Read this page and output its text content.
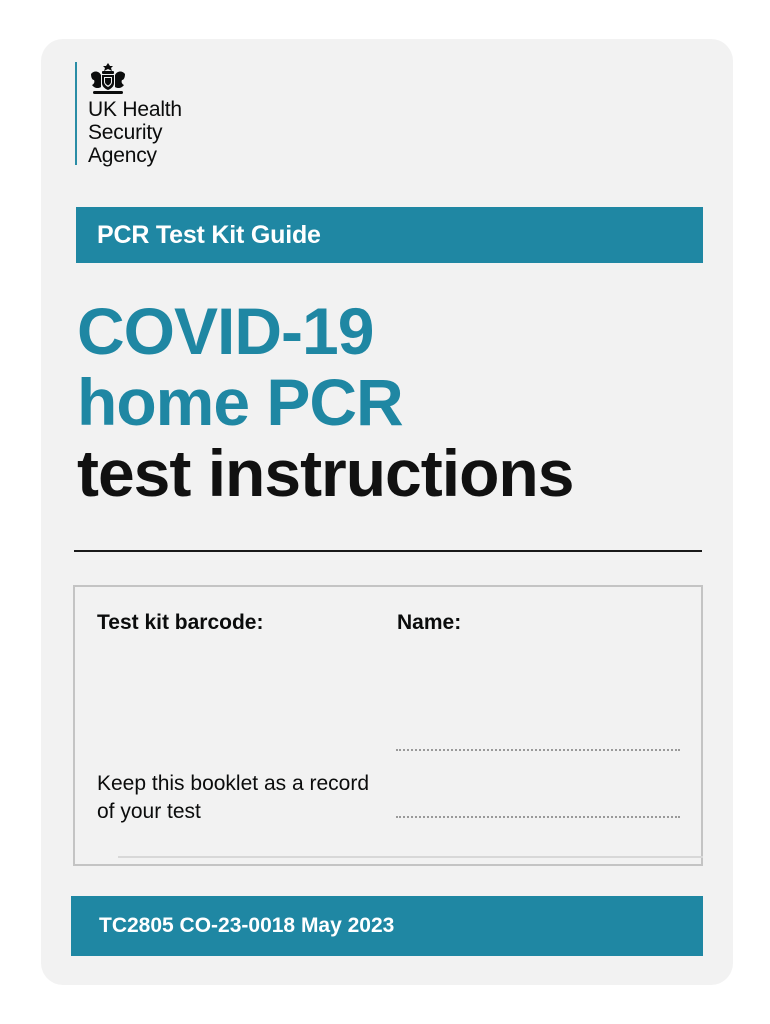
UK Health
Security
Agency
PCR Test Kit Guide
COVID-19
home PCR
test instructions
Test kit barcode:	Name:
Keep this booklet as a record of your test
TC2805 CO-23-0018 May 2023
